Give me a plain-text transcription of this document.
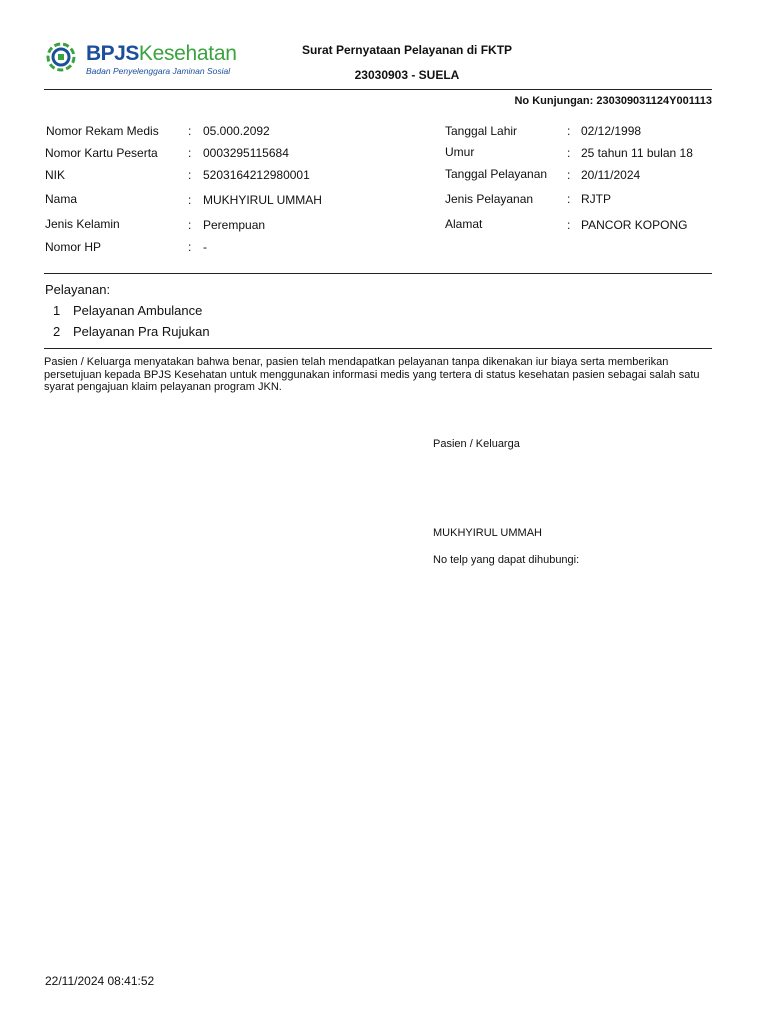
BPJSKesehatan
Badan Penyelenggara Jaminan Sosial
Surat Pernyataan Pelayanan di FKTP
23030903 - SUELA
No Kunjungan: 230309031124Y001113
Nomor Rekam Medis : 05.000.2092
Nomor Kartu Peserta	: 0003295115684
NIK	: 5203164212980001
Nama	: MUKHYIRUL UMMAH
Jenis Kelamin	: Perempuan
Nomor HP	: -
Tanggal Lahir	: 02/12/1998
Umur	: 25 tahun 11 bulan 18
Tanggal Pelayanan : 20/11/2024
Jenis Pelayanan	: RJTP
Alamat	: PANCOR KOPONG
Pelayanan:
1 Pelayanan Ambulance
2 Pelayanan Pra Rujukan
Pasien / Keluarga menyatakan bahwa benar, pasien telah mendapatkan pelayanan tanpa dikenakan iur biaya serta memberikan persetujuan kepada BPJS Kesehatan untuk menggunakan informasi medis yang tertera di status kesehatan pasien sebagai salah satu syarat pengajuan klaim pelayanan program JKN.
Pasien / Keluarga
MUKHYIRUL UMMAH
No telp yang dapat dihubungi:
22/11/2024 08:41:52
